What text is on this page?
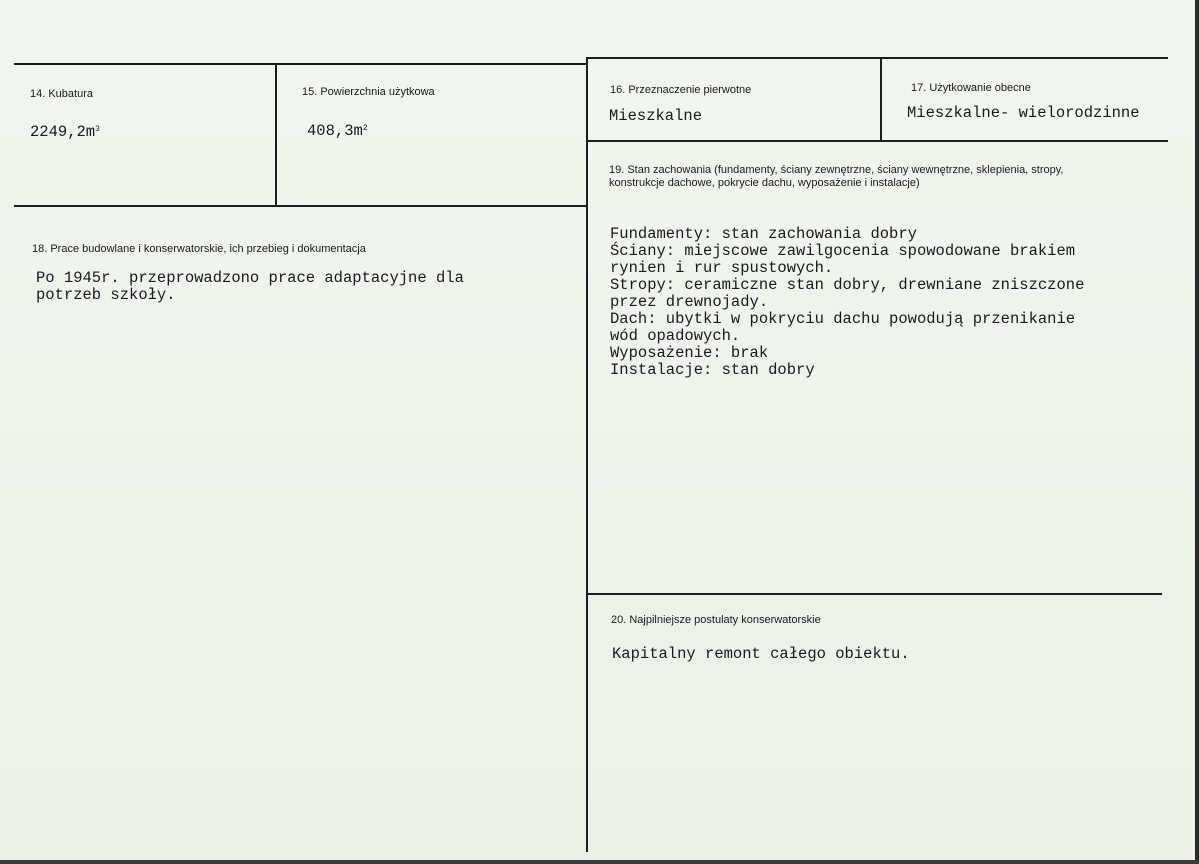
14. Kubatura
$2249,2m^3$
15. Powierzchnia użytkowa
$408,3m^2$
16. Przeznaczenie pierwotne
Mieszkalne
17. Użytkowanie obecne
Mieszkalne- wielorodzinne
18. Prace budowlane i konserwatorskie, ich przebieg i dokumentacja
Po 1945r. przeprowadzono prace adaptacyjne dla
potrzeb szkoły.
19. Stan zachowania (fundamenty, ściany zewnętrzne, ściany wewnętrzne, sklepienia, stropy,
konstrukcje dachowe, pokrycie dachu, wyposażenie i instalacje)

Fundamenty: stan zachowania dobry
Ściany: miejscowe zawilgocenia spowodowane brakiem
rynien i rur spustowych.
Stropy: ceramiczne stan dobry, drewniane zniszczone
przez drewnojady.
Dach: ubytki w pokryciu dachu powodują przenikanie
wód opadowych.
Wyposażenie: brak
Instalacje: stan dobry
20. Najpilniejsze postulaty konserwatorskie
Kapitalny remont całego obiektu.
